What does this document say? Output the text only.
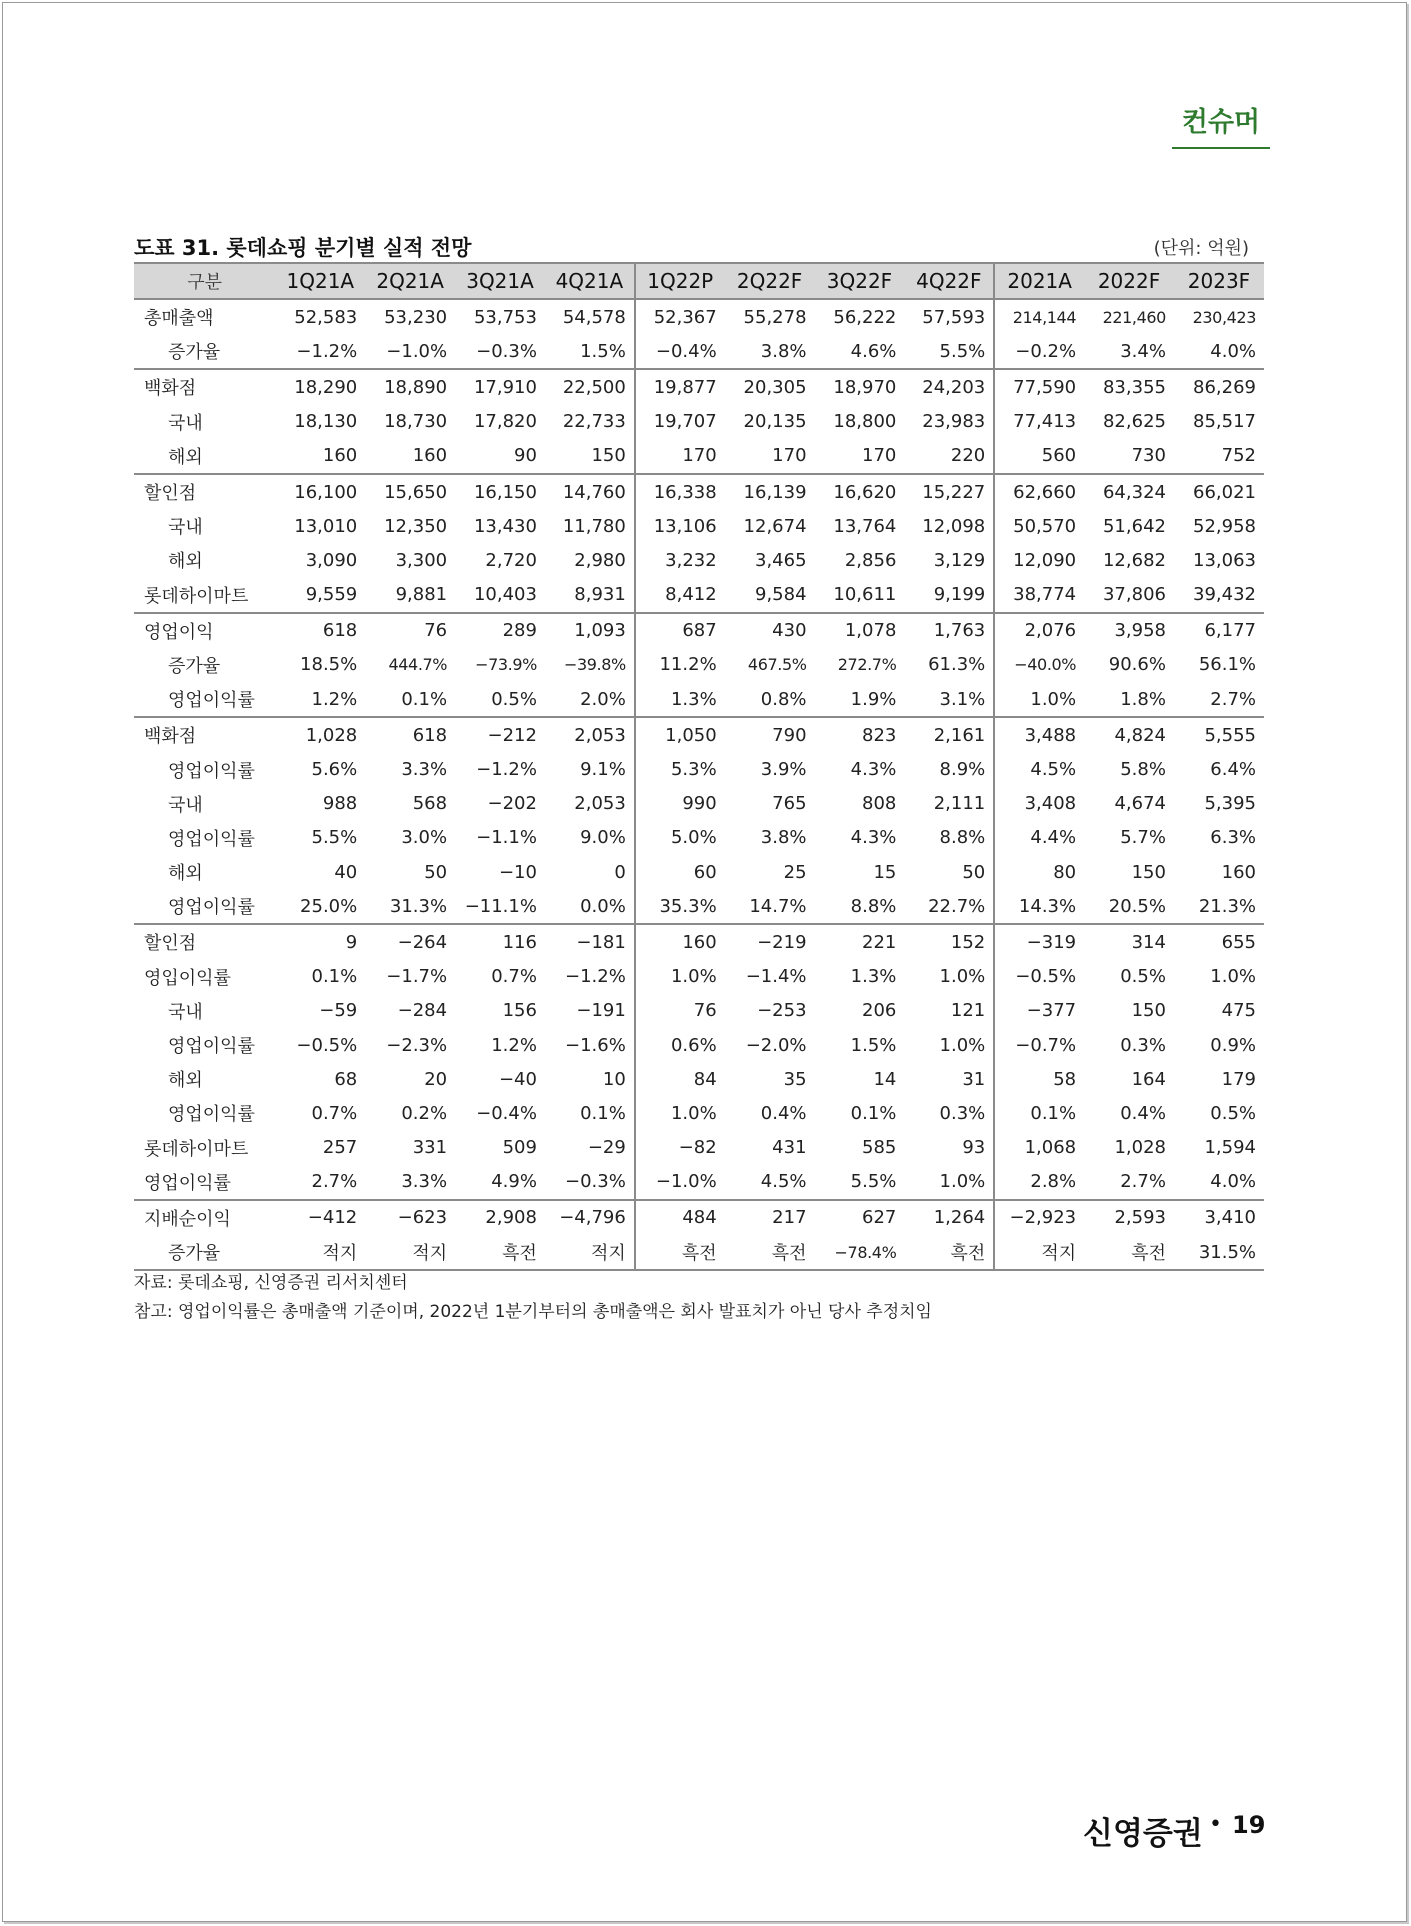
컨슈머
도표 31. 롯데쇼핑 분기별 실적 전망	(단위: 억원)
구분	1Q21A	2Q21A	3Q21A	4Q21A	1Q22P	2Q22F	3Q22F	4Q22F	2021A	2022F	2023F
총매출액	52,583	53,230	53,753	54,578	52,367	55,278	56,222	57,593	214,144	221,460	230,423
증가율	−1.2%	−1.0%	−0.3%	1.5%	−0.4%	3.8%	4.6%	5.5%	−0.2%	3.4%	4.0%
백화점	18,290	18,890	17,910	22,500	19,877	20,305	18,970	24,203	77,590	83,355	86,269
국내	18,130	18,730	17,820	22,733	19,707	20,135	18,800	23,983	77,413	82,625	85,517
해외	160	160	90	150	170	170	170	220	560	730	752
할인점	16,100	15,650	16,150	14,760	16,338	16,139	16,620	15,227	62,660	64,324	66,021
국내	13,010	12,350	13,430	11,780	13,106	12,674	13,764	12,098	50,570	51,642	52,958
해외	3,090	3,300	2,720	2,980	3,232	3,465	2,856	3,129	12,090	12,682	13,063
롯데하이마트	9,559	9,881	10,403	8,931	8,412	9,584	10,611	9,199	38,774	37,806	39,432
영업이익	618	76	289	1,093	687	430	1,078	1,763	2,076	3,958	6,177
증가율	18.5%	444.7%	−73.9%	−39.8%	11.2%	467.5%	272.7%	61.3%	−40.0%	90.6%	56.1%
영업이익률	1.2%	0.1%	0.5%	2.0%	1.3%	0.8%	1.9%	3.1%	1.0%	1.8%	2.7%
백화점	1,028	618	−212	2,053	1,050	790	823	2,161	3,488	4,824	5,555
영업이익률	5.6%	3.3%	−1.2%	9.1%	5.3%	3.9%	4.3%	8.9%	4.5%	5.8%	6.4%
국내	988	568	−202	2,053	990	765	808	2,111	3,408	4,674	5,395
영업이익률	5.5%	3.0%	−1.1%	9.0%	5.0%	3.8%	4.3%	8.8%	4.4%	5.7%	6.3%
해외	40	50	−10	0	60	25	15	50	80	150	160
영업이익률	25.0%	31.3%	−11.1%	0.0%	35.3%	14.7%	8.8%	22.7%	14.3%	20.5%	21.3%
할인점	9	−264	116	−181	160	−219	221	152	−319	314	655
영입이익률	0.1%	−1.7%	0.7%	−1.2%	1.0%	−1.4%	1.3%	1.0%	−0.5%	0.5%	1.0%
국내	−59	−284	156	−191	76	−253	206	121	−377	150	475
영업이익률	−0.5%	−2.3%	1.2%	−1.6%	0.6%	−2.0%	1.5%	1.0%	−0.7%	0.3%	0.9%
해외	68	20	−40	10	84	35	14	31	58	164	179
영업이익률	0.7%	0.2%	−0.4%	0.1%	1.0%	0.4%	0.1%	0.3%	0.1%	0.4%	0.5%
롯데하이마트	257	331	509	−29	−82	431	585	93	1,068	1,028	1,594
영업이익률	2.7%	3.3%	4.9%	−0.3%	−1.0%	4.5%	5.5%	1.0%	2.8%	2.7%	4.0%
지배순이익	−412	−623	2,908	−4,796	484	217	627	1,264	−2,923	2,593	3,410
증가율	적지	적지	흑전	적지	흑전	흑전	−78.4%	흑전	적지	흑전	31.5%
자료: 롯데쇼핑, 신영증권 리서치센터
참고: 영업이익률은 총매출액 기준이며, 2022년 1분기부터의 총매출액은 회사 발표치가 아닌 당사 추정치임
신영증권 • 19
